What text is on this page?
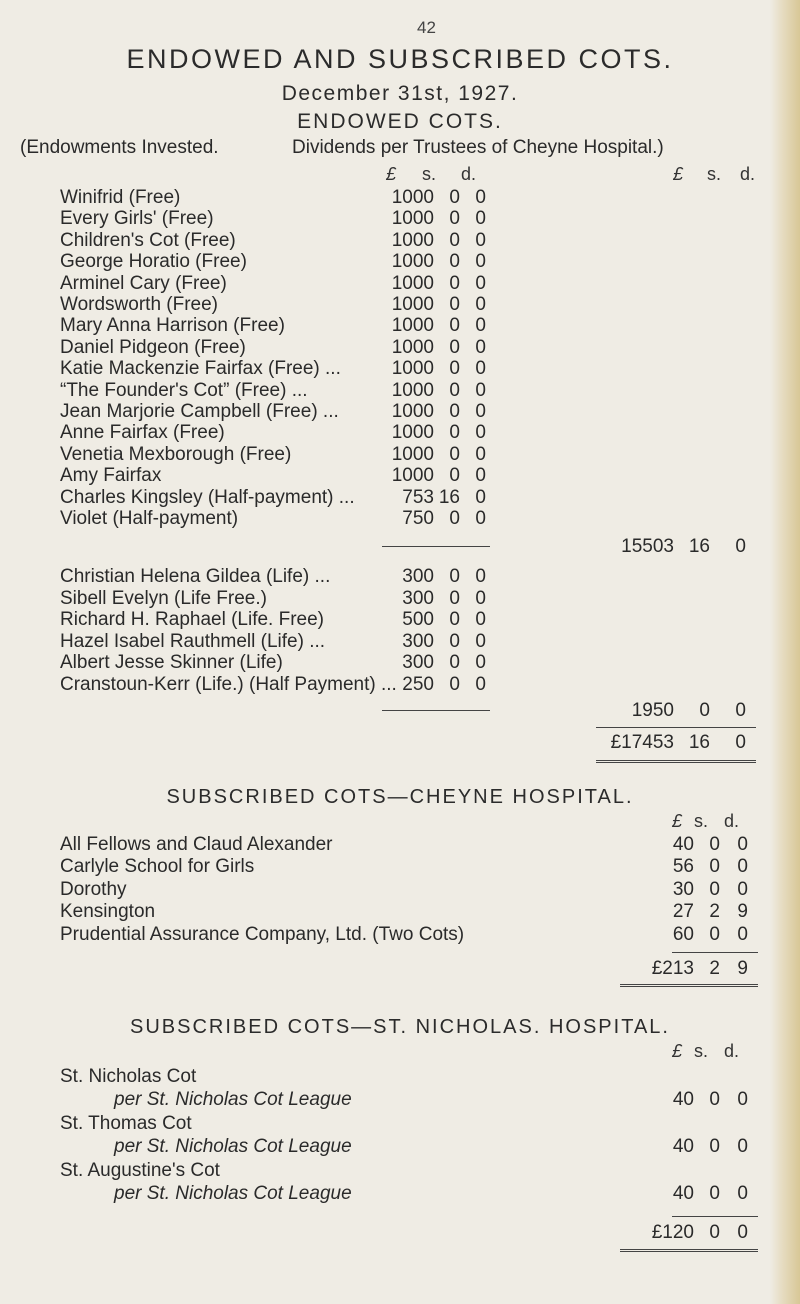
42
ENDOWED AND SUBSCRIBED COTS.
December 31st, 1927.
ENDOWED COTS.
(Endowments Invested.	Dividends per Trustees of Cheyne Hospital.)
£ s. d.	£ s. d.
Winifrid (Free)	1000 0 0
Every Girls' (Free)	1000 0 0
Children's Cot (Free)	1000 0 0
George Horatio (Free)	1000 0 0
Arminel Cary (Free)	1000 0 0
Wordsworth (Free)	1000 0 0
Mary Anna Harrison (Free)	1000 0 0
Daniel Pidgeon (Free)	1000 0 0
Katie Mackenzie Fairfax (Free) ...	1000 0 0
“The Founder's Cot” (Free) ...	1000 0 0
Jean Marjorie Campbell (Free) ...	1000 0 0
Anne Fairfax (Free)	1000 0 0
Venetia Mexborough (Free)	1000 0 0
Amy Fairfax	1000 0 0
Charles Kingsley (Half-payment) ...	753 16 0
Violet (Half-payment)	750 0 0
15503 16	0
Christian Helena Gildea (Life) ...	300 0 0
Sibell Evelyn (Life Free.)	300 0 0
Richard H. Raphael (Life. Free)	500 0 0
Hazel Isabel Rauthmell (Life) ...	300 0 0
Albert Jesse Skinner (Life)	300 0 0
Cranstoun-Kerr (Life.) (Half Payment) ... 250 0 0
1950	0	0
£17453 16	0
SUBSCRIBED COTS—CHEYNE HOSPITAL.
£ s. d.
All Fellows and Claud Alexander	40 0 0
Carlyle School for Girls	56 0 0
Dorothy	30 0 0
Kensington	27 2 9
Prudential Assurance Company, Ltd. (Two Cots)	60 0 0
£213 2 9
SUBSCRIBED COTS—ST. NICHOLAS. HOSPITAL.
£ s. d.
St. Nicholas Cot
per St. Nicholas Cot League	40 0 0
St. Thomas Cot
per St. Nicholas Cot League	40 0 0
St. Augustine's Cot
per St. Nicholas Cot League	40 0 0
£120 0 0
